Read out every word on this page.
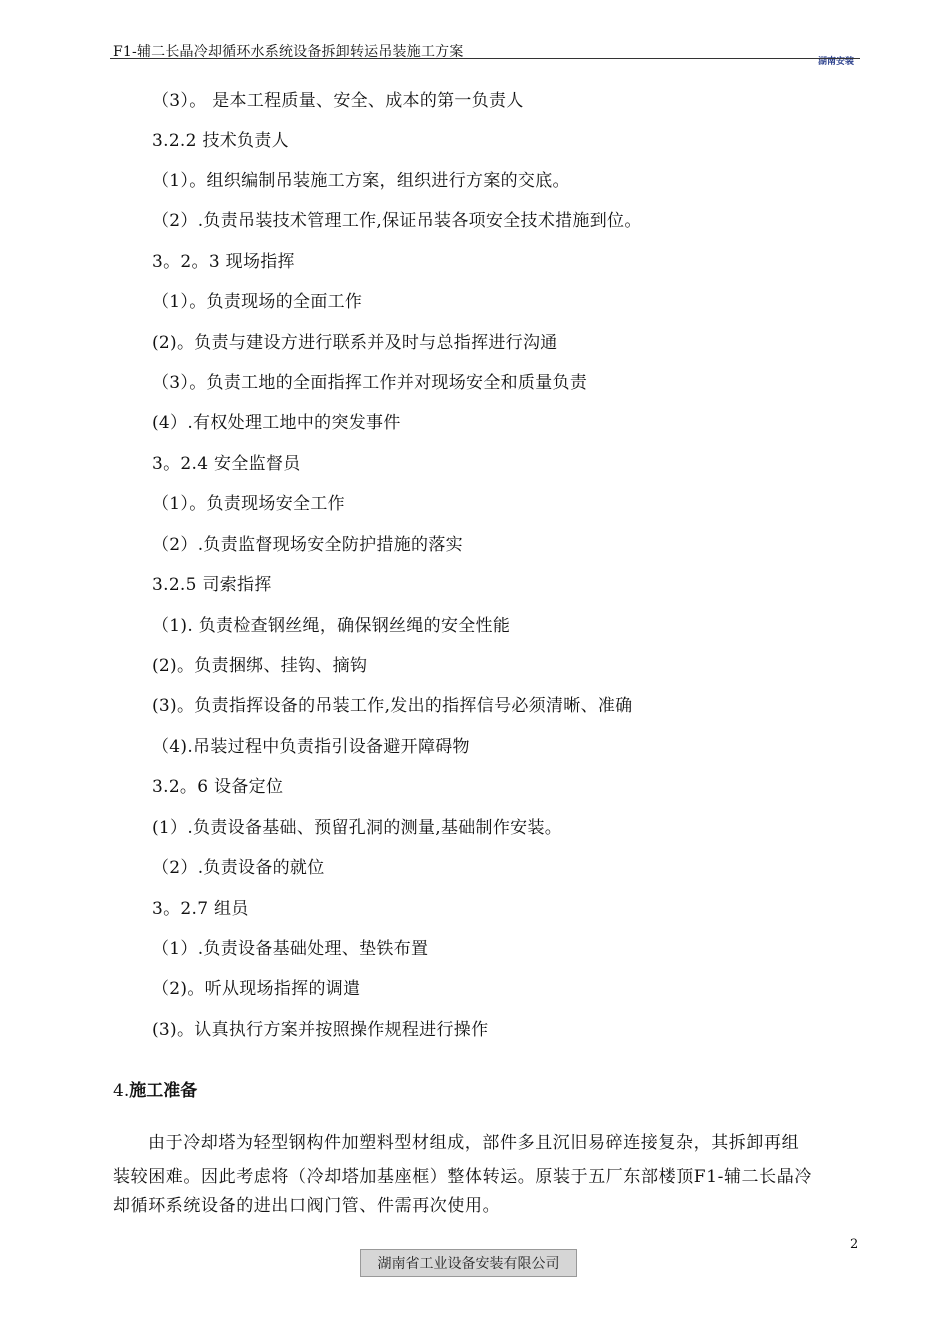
F1-辅二长晶冷却循环水系统设备拆卸转运吊装施工方案
湖南安装
（3）。 是本工程质量、安全、成本的第一负责人
3.2.2 技术负责人
（1）。组织编制吊装施工方案，组织进行方案的交底。
（2）.负责吊装技术管理工作,保证吊装各项安全技术措施到位。
3。2。3 现场指挥
（1）。负责现场的全面工作
(2)。负责与建设方进行联系并及时与总指挥进行沟通
（3）。负责工地的全面指挥工作并对现场安全和质量负责
(4）.有权处理工地中的突发事件
3。2.4 安全监督员
（1）。负责现场安全工作
（2）.负责监督现场安全防护措施的落实
3.2.5 司索指挥
（1). 负责检查钢丝绳，确保钢丝绳的安全性能
(2)。负责捆绑、挂钩、摘钩
(3)。负责指挥设备的吊装工作,发出的指挥信号必须清晰、准确
（4).吊装过程中负责指引设备避开障碍物
3.2。6 设备定位
(1）.负责设备基础、预留孔洞的测量,基础制作安装。
（2）.负责设备的就位
3。2.7 组员
（1）.负责设备基础处理、垫铁布置
（2)。听从现场指挥的调遣
(3)。认真执行方案并按照操作规程进行操作
4.施工准备
由于冷却塔为轻型钢构件加塑料型材组成，部件多且沉旧易碎连接复杂，其拆卸再组
装较困难。因此考虑将（冷却塔加基座框）整体转运。原装于五厂东部楼顶F1-辅二长晶冷
却循环系统设备的进出口阀门管、件需再次使用。
2
湖南省工业设备安装有限公司
